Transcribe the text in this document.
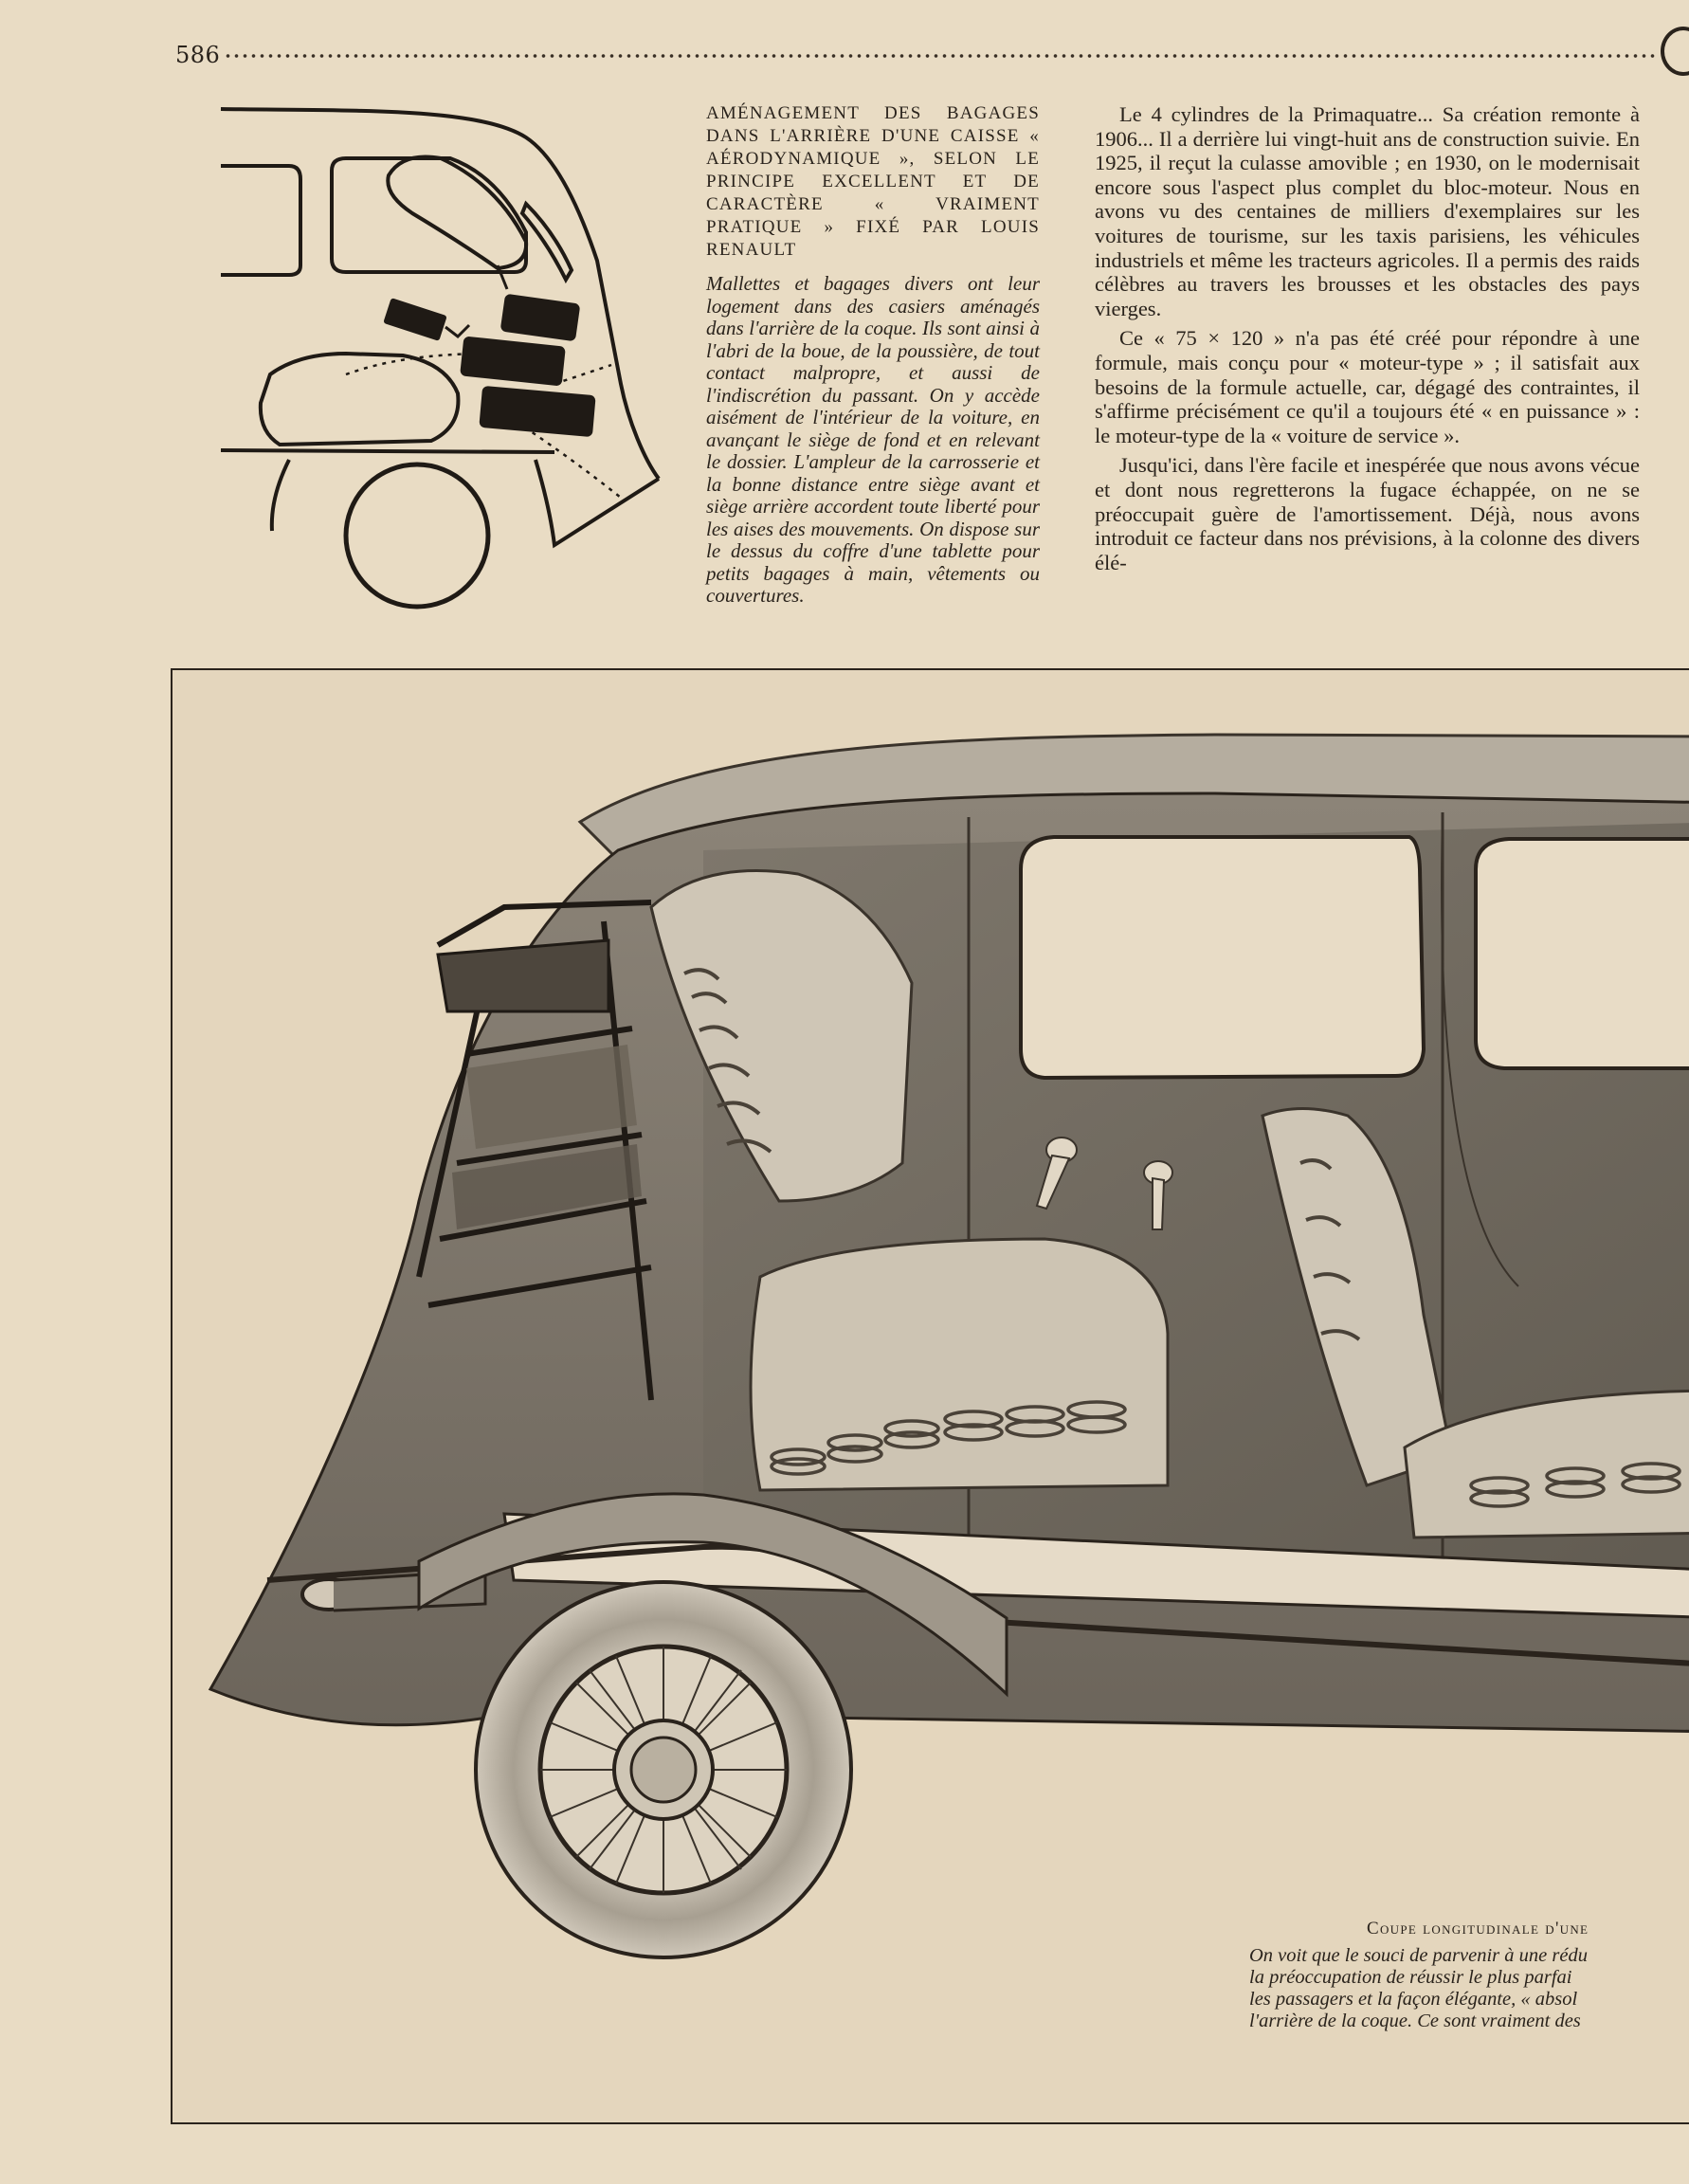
586

AMÉNAGEMENT DES BAGAGES DANS L'ARRIÈRE D'UNE CAISSE « AÉRODYNAMIQUE », SELON LE PRINCIPE EXCELLENT ET DE CARACTÈRE « VRAIMENT PRATIQUE » FIXÉ PAR LOUIS RENAULT

Mallettes et bagages divers ont leur logement dans des casiers aménagés dans l'arrière de la coque. Ils sont ainsi à l'abri de la boue, de la poussière, de tout contact malpropre, et aussi de l'indiscrétion du passant. On y accède aisément de l'intérieur de la voiture, en avançant le siège de fond et en relevant le dossier. L'ampleur de la carrosserie et la bonne distance entre siège avant et siège arrière accordent toute liberté pour les aises des mouvements. On dispose sur le dessus du coffre d'une tablette pour petits bagages à main, vêtements ou couvertures.

Le 4 cylindres de la Primaquatre... Sa création remonte à 1906... Il a derrière lui vingt-huit ans de construction suivie. En 1925, il reçut la culasse amovible ; en 1930, on le modernisait encore sous l'aspect plus complet du bloc-moteur. Nous en avons vu des centaines de milliers d'exemplaires sur les voitures de tourisme, sur les taxis parisiens, les véhicules industriels et même les tracteurs agricoles. Il a permis des raids célèbres au travers les brousses et les obstacles des pays vierges.

Ce « 75 × 120 » n'a pas été créé pour répondre à une formule, mais conçu pour « moteur-type » ; il satisfait aux besoins de la formule actuelle, car, dégagé des contraintes, il s'affirme précisément ce qu'il a toujours été « en puissance » : le moteur-type de la « voiture de service ».

Jusqu'ici, dans l'ère facile et inespérée que nous avons vécue et dont nous regretterons la fugace échappée, on ne se préoccupait guère de l'amortissement. Déjà, nous avons introduit ce facteur dans nos prévisions, à la colonne des divers élé-

Coupe longitudinale d'une

On voit que le souci de parvenir à une rédu
la préoccupation de réussir le plus parfai
les passagers et la façon élégante, « absol
l'arrière de la coque. Ce sont vraiment des
